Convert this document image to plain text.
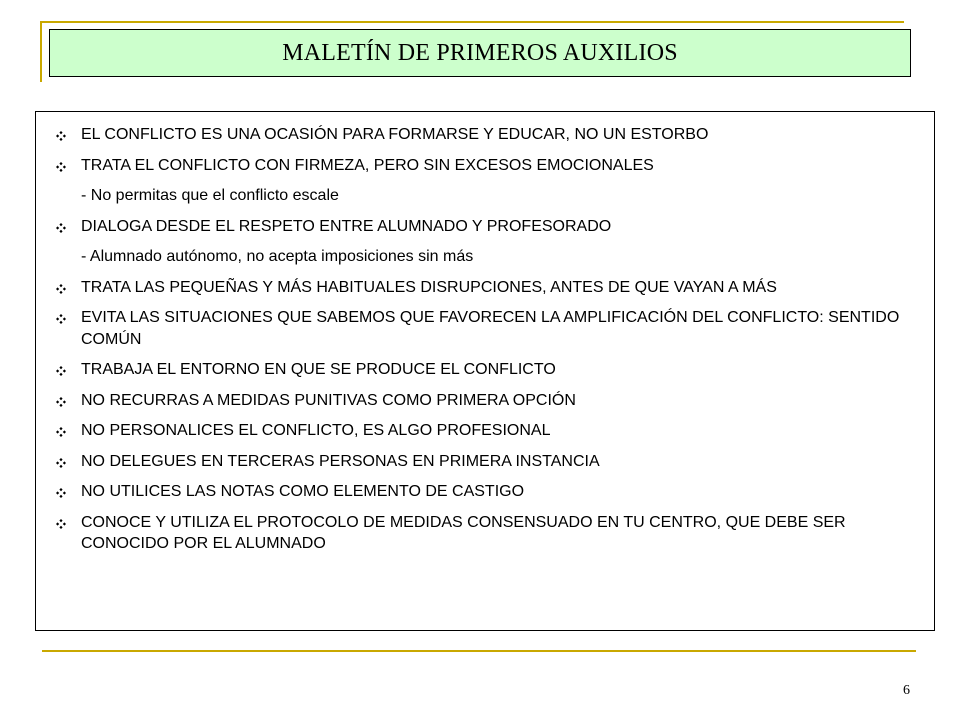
MALETÍN DE PRIMEROS AUXILIOS
EL CONFLICTO ES UNA OCASIÓN PARA FORMARSE Y EDUCAR, NO UN ESTORBO
TRATA EL CONFLICTO CON FIRMEZA, PERO SIN EXCESOS EMOCIONALES
- No permitas que el conflicto escale
DIALOGA DESDE EL RESPETO ENTRE ALUMNADO Y PROFESORADO
- Alumnado autónomo, no acepta imposiciones sin más
TRATA LAS PEQUEÑAS Y MÁS HABITUALES DISRUPCIONES, ANTES DE QUE VAYAN A MÁS
EVITA LAS SITUACIONES QUE SABEMOS QUE FAVORECEN LA AMPLIFICACIÓN DEL CONFLICTO: SENTIDO COMÚN
TRABAJA EL ENTORNO EN QUE SE PRODUCE EL CONFLICTO
NO RECURRAS A MEDIDAS PUNITIVAS COMO PRIMERA OPCIÓN
NO PERSONALICES EL CONFLICTO, ES ALGO PROFESIONAL
NO DELEGUES EN TERCERAS PERSONAS EN PRIMERA INSTANCIA
NO UTILICES LAS NOTAS COMO ELEMENTO DE CASTIGO
CONOCE Y UTILIZA EL PROTOCOLO DE MEDIDAS CONSENSUADO EN TU CENTRO, QUE DEBE SER CONOCIDO POR EL ALUMNADO
6
